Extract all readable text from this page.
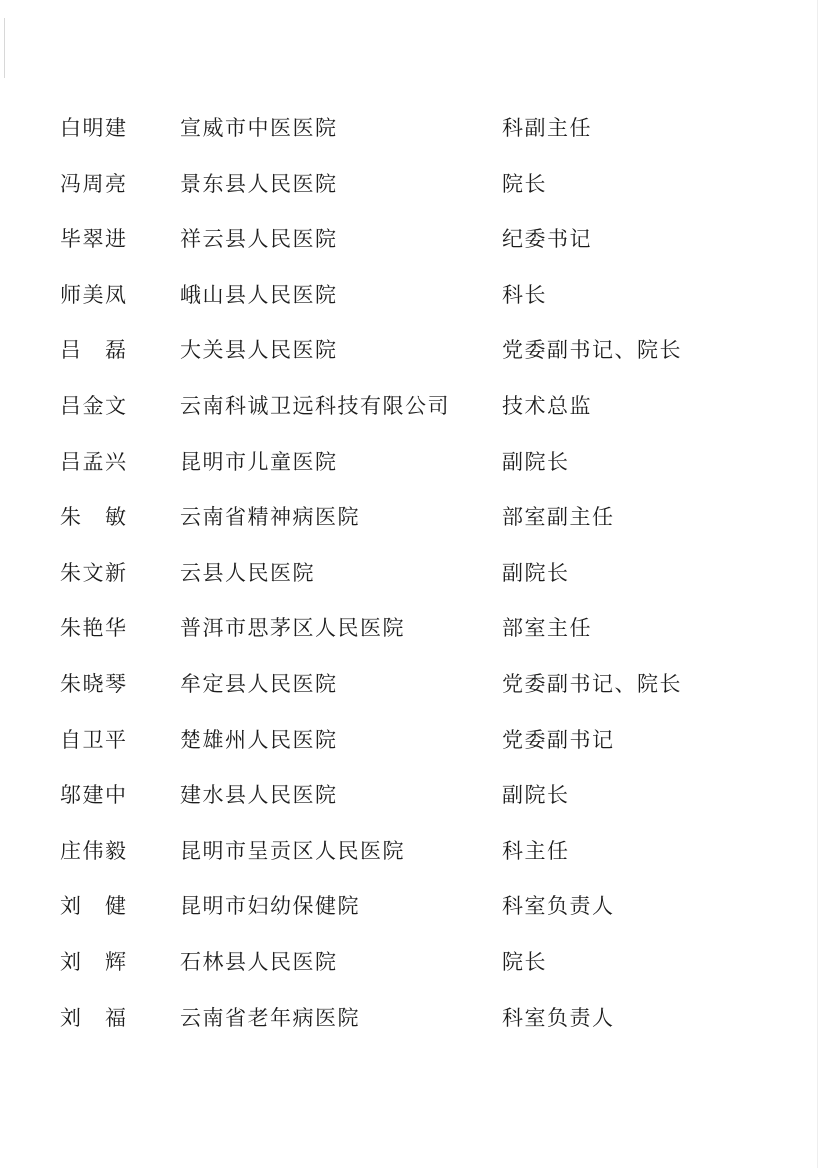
白明建	宣威市中医医院	科副主任
冯周亮	景东县人民医院	院长
毕翠进	祥云县人民医院	纪委书记
师美凤	峨山县人民医院	科长
吕　磊	大关县人民医院	党委副书记、院长
吕金文	云南科诚卫远科技有限公司	技术总监
吕孟兴	昆明市儿童医院	副院长
朱　敏	云南省精神病医院	部室副主任
朱文新	云县人民医院	副院长
朱艳华	普洱市思茅区人民医院	部室主任
朱晓琴	牟定县人民医院	党委副书记、院长
自卫平	楚雄州人民医院	党委副书记
邬建中	建水县人民医院	副院长
庄伟毅	昆明市呈贡区人民医院	科主任
刘　健	昆明市妇幼保健院	科室负责人
刘　辉	石林县人民医院	院长
刘　福	云南省老年病医院	科室负责人
